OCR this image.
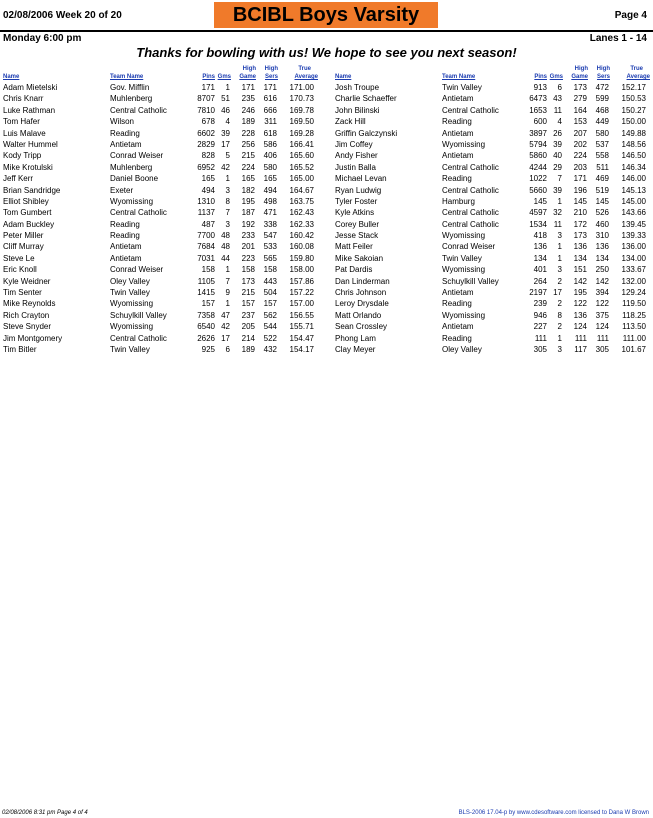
02/08/2006 Week 20 of 20	BCIBL Boys Varsity	Page 4
Monday 6:00 pm	Lanes 1 - 14
Thanks for bowling with us! We hope to see you next season!
Name	Team Name	Pins Gms
High
Game
High
Sers
True
Average
Adam Mietelski	Gov. Mifflin	171 1 171 171 171.00
Chris Knarr	Muhlenberg	8707 51 235 616 170.73
Luke Rathman	Central Catholic	7810 46 246 666 169.78
Tom Hafer	Wilson	678 4 189 311 169.50
Luis Malave	Reading	6602 39 228 618 169.28
Walter Hummel	Antietam	2829 17 256 586 166.41
Kody Tripp	Conrad Weiser	828 5 215 406 165.60
Mike Krotulski	Muhlenberg	6952 42 224 580 165.52
Jeff Kerr	Daniel Boone	165 1 165 165 165.00
Brian Sandridge	Exeter	494 3 182 494 164.67
Elliot Shibley	Wyomissing	1310 8 195 498 163.75
Tom Gumbert	Central Catholic	1137 7 187 471 162.43
Adam Buckley	Reading	487 3 192 338 162.33
Peter Miller	Reading	7700 48 233 547 160.42
Cliff Murray	Antietam	7684 48 201 533 160.08
Steve Le	Antietam	7031 44 223 565 159.80
Eric Knoll	Conrad Weiser	158 1 158 158 158.00
Kyle Weidner	Oley Valley	1105 7 173 443 157.86
Tim Senter	Twin Valley	1415 9 215 504 157.22
Mike Reynolds	Wyomissing	157 1 157 157 157.00
Rich Crayton	Schuylkill Valley	7358 47 237 562 156.55
Steve Snyder	Wyomissing	6540 42 205 544 155.71
Jim Montgomery	Central Catholic	2626 17 214 522 154.47
Tim Bitler	Twin Valley	925 6 189 432 154.17
Name	Team Name	Pins Gms
High
Game
High
Sers
True
Average
Josh Troupe	Twin Valley	913 6 173 472 152.17
Charlie Schaeffer	Antietam	6473 43 279 599 150.53
John Bilinski	Central Catholic	1653 11 164 468 150.27
Zack Hill	Reading	600 4 153 449 150.00
Griffin Galczynski	Antietam	3897 26 207 580 149.88
Jim Coffey	Wyomissing	5794 39 202 537 148.56
Andy Fisher	Antietam	5860 40 224 558 146.50
Justin Balla	Central Catholic	4244 29 203 511 146.34
Michael Levan	Reading	1022 7 171 469 146.00
Ryan Ludwig	Central Catholic	5660 39 196 519 145.13
Tyler Foster	Hamburg	145 1 145 145 145.00
Kyle Atkins	Central Catholic	4597 32 210 526 143.66
Corey Buller	Central Catholic	1534 11 172 460 139.45
Jesse Stack	Wyomissing	418 3 173 310 139.33
Matt Feiler	Conrad Weiser	136 1 136 136 136.00
Mike Sakoian	Twin Valley	134 1 134 134 134.00
Pat Dardis	Wyomissing	401 3 151 250 133.67
Dan Linderman	Schuylkill Valley	264 2 142 142 132.00
Chris Johnson	Antietam	2197 17 195 394 129.24
Leroy Drysdale	Reading	239 2 122 122 119.50
Matt Orlando	Wyomissing	946 8 136 375 118.25
Sean Crossley	Antietam	227 2 124 124 113.50
Phong Lam	Reading	111 1 111 111 111.00
Clay Meyer	Oley Valley	305 3 117 305 101.67
02/08/2006 8:31 pm Page 4 of 4	BLS-2006 17.04-p by www.cdesoftware.com licensed to Dana W Brown
